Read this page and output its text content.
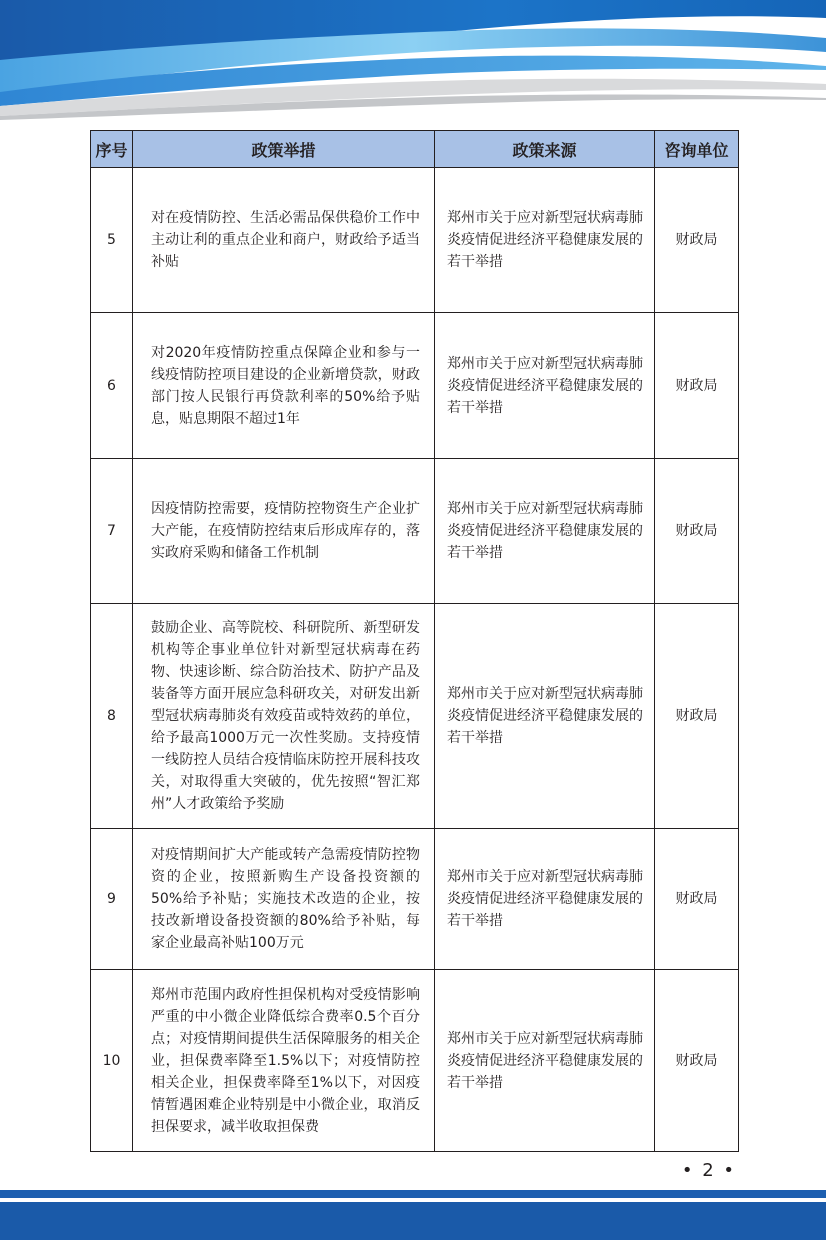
序号	政策举措	政策来源	咨询单位
5	对在疫情防控、生活必需品保供稳价工作中主动让利的重点企业和商户，财政给予适当补贴	郑州市关于应对新型冠状病毒肺炎疫情促进经济平稳健康发展的若干举措	财政局
6	对2020年疫情防控重点保障企业和参与一线疫情防控项目建设的企业新增贷款，财政部门按人民银行再贷款利率的50%给予贴息，贴息期限不超过1年	郑州市关于应对新型冠状病毒肺炎疫情促进经济平稳健康发展的若干举措	财政局
7	因疫情防控需要，疫情防控物资生产企业扩大产能，在疫情防控结束后形成库存的，落实政府采购和储备工作机制	郑州市关于应对新型冠状病毒肺炎疫情促进经济平稳健康发展的若干举措	财政局
8	鼓励企业、高等院校、科研院所、新型研发机构等企事业单位针对新型冠状病毒在药物、快速诊断、综合防治技术、防护产品及装备等方面开展应急科研攻关，对研发出新型冠状病毒肺炎有效疫苗或特效药的单位，给予最高1000万元一次性奖励。支持疫情一线防控人员结合疫情临床防控开展科技攻关，对取得重大突破的，优先按照“智汇郑州”人才政策给予奖励	郑州市关于应对新型冠状病毒肺炎疫情促进经济平稳健康发展的若干举措	财政局
9	对疫情期间扩大产能或转产急需疫情防控物资的企业，按照新购生产设备投资额的50%给予补贴；实施技术改造的企业，按技改新增设备投资额的80%给予补贴，每家企业最高补贴100万元	郑州市关于应对新型冠状病毒肺炎疫情促进经济平稳健康发展的若干举措	财政局
10	郑州市范围内政府性担保机构对受疫情影响严重的中小微企业降低综合费率0.5个百分点；对疫情期间提供生活保障服务的相关企业，担保费率降至1.5%以下；对疫情防控相关企业，担保费率降至1%以下，对因疫情暂遇困难企业特别是中小微企业，取消反担保要求，减半收取担保费	郑州市关于应对新型冠状病毒肺炎疫情促进经济平稳健康发展的若干举措	财政局
• 2 •
